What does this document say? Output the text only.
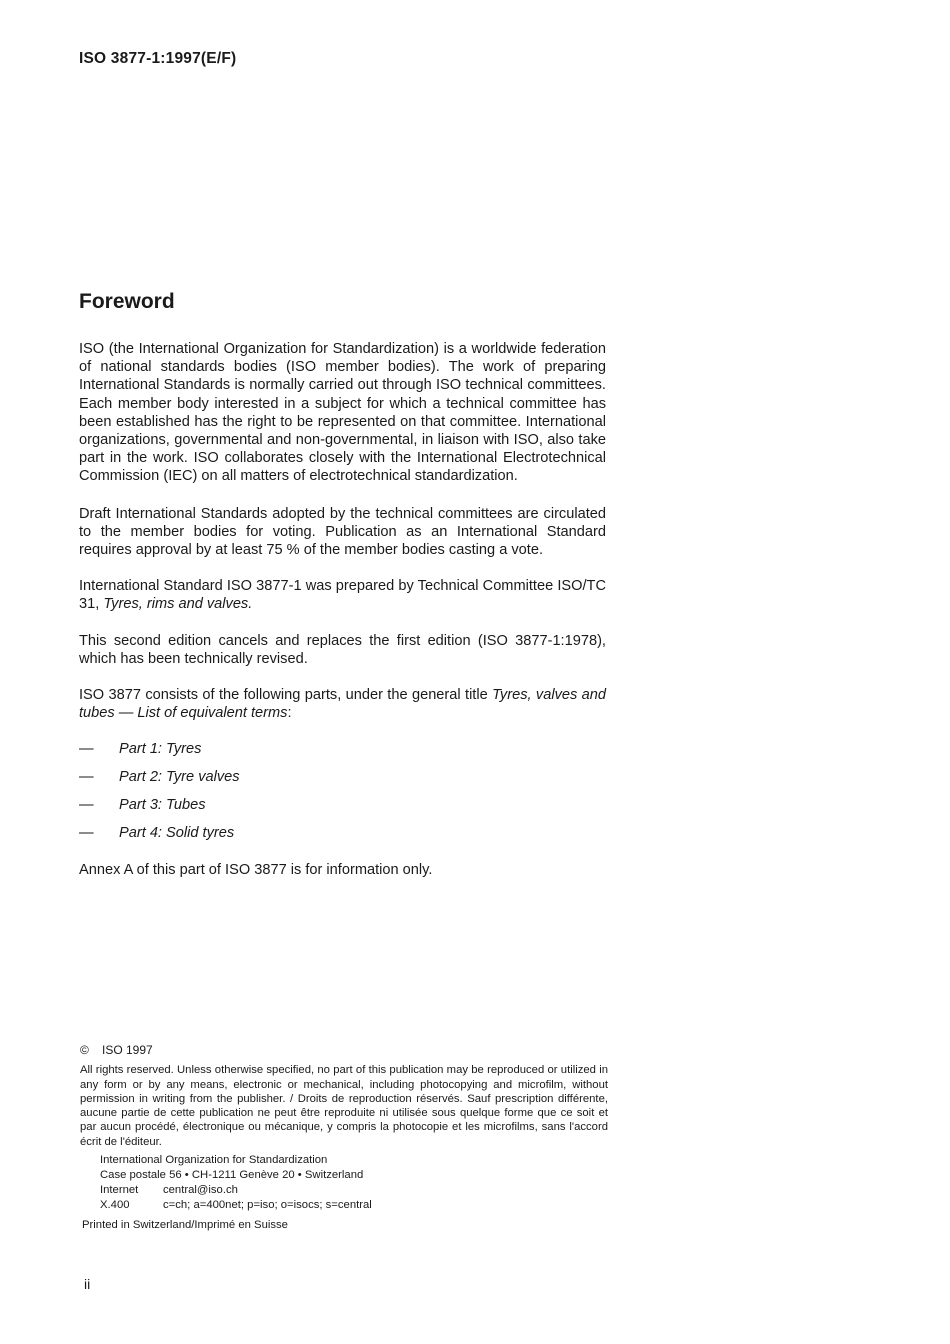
ISO 3877-1:1997(E/F)
Foreword

ISO (the International Organization for Standardization) is a worldwide federation of national standards bodies (ISO member bodies). The work of preparing International Standards is normally carried out through ISO technical committees. Each member body interested in a subject for which a technical committee has been established has the right to be represented on that committee. International organizations, governmental and non-governmental, in liaison with ISO, also take part in the work. ISO collaborates closely with the International Electrotechnical Commission (IEC) on all matters of electrotechnical standardization.

Draft International Standards adopted by the technical committees are circulated to the member bodies for voting. Publication as an International Standard requires approval by at least 75 % of the member bodies casting a vote.

International Standard ISO 3877-1 was prepared by Technical Committee ISO/TC 31, Tyres, rims and valves.

This second edition cancels and replaces the first edition (ISO 3877-1:1978), which has been technically revised.

ISO 3877 consists of the following parts, under the general title Tyres, valves and tubes — List of equivalent terms:

—	Part 1: Tyres
—	Part 2: Tyre valves
—	Part 3: Tubes
—	Part 4: Solid tyres

Annex A of this part of ISO 3877 is for information only.

© ISO 1997

All rights reserved. Unless otherwise specified, no part of this publication may be reproduced or utilized in any form or by any means, electronic or mechanical, including photocopying and microfilm, without permission in writing from the publisher. / Droits de reproduction réservés. Sauf prescription différente, aucune partie de cette publication ne peut être reproduite ni utilisée sous quelque forme que ce soit et par aucun procédé, électronique ou mécanique, y compris la photocopie et les microfilms, sans l'accord écrit de l'éditeur.

International Organization for Standardization
Case postale 56 • CH-1211 Genève 20 • Switzerland
Internet	central@iso.ch
X.400	c=ch; a=400net; p=iso; o=isocs; s=central
Printed in Switzerland/Imprimé en Suisse
ii
